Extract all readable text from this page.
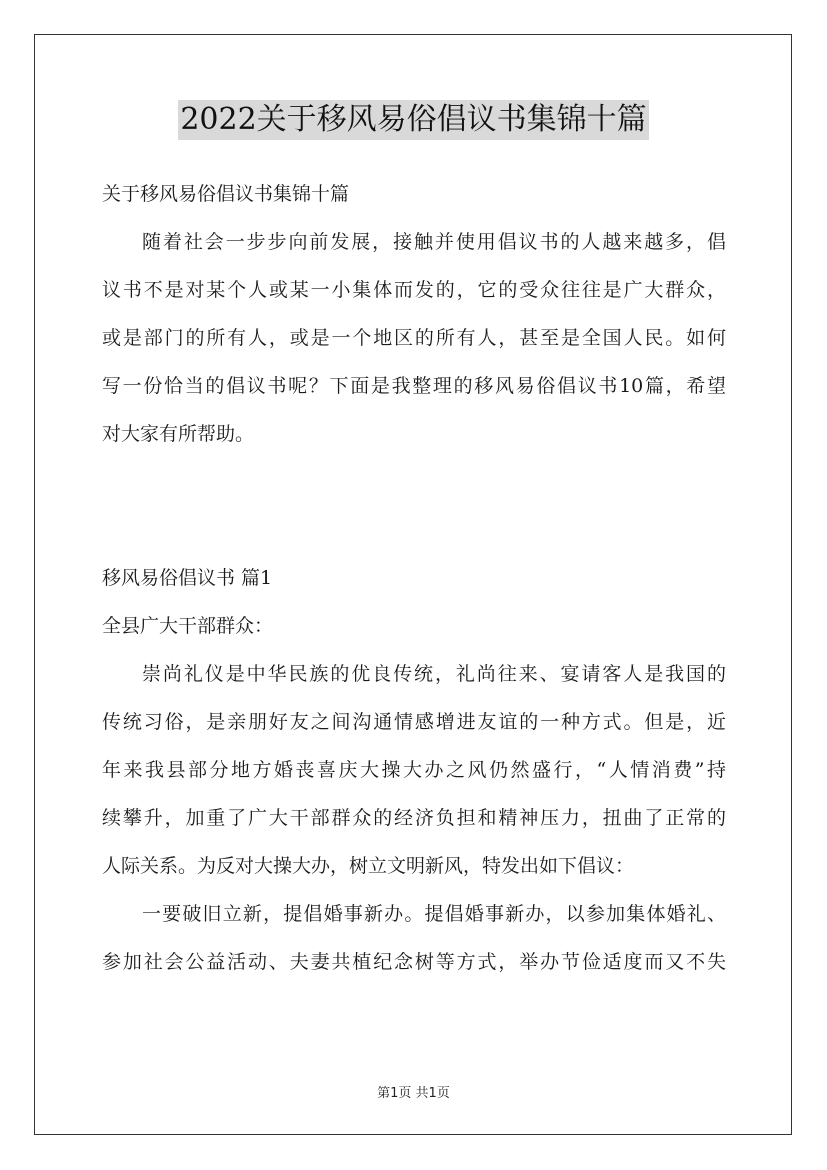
2022关于移风易俗倡议书集锦十篇
关于移风易俗倡议书集锦十篇
随着社会一步步向前发展，接触并使用倡议书的人越来越多，倡
议书不是对某个人或某一小集体而发的，它的受众往往是广大群众，
或是部门的所有人，或是一个地区的所有人，甚至是全国人民。如何
写一份恰当的倡议书呢？下面是我整理的移风易俗倡议书10篇，希望
对大家有所帮助。
移风易俗倡议书 篇1
全县广大干部群众：
崇尚礼仪是中华民族的优良传统，礼尚往来、宴请客人是我国的
传统习俗，是亲朋好友之间沟通情感增进友谊的一种方式。但是，近
年来我县部分地方婚丧喜庆大操大办之风仍然盛行，“人情消费”持
续攀升，加重了广大干部群众的经济负担和精神压力，扭曲了正常的
人际关系。为反对大操大办，树立文明新风，特发出如下倡议：
一要破旧立新，提倡婚事新办。提倡婚事新办，以参加集体婚礼、
参加社会公益活动、夫妻共植纪念树等方式，举办节俭适度而又不失
第1页 共1页
